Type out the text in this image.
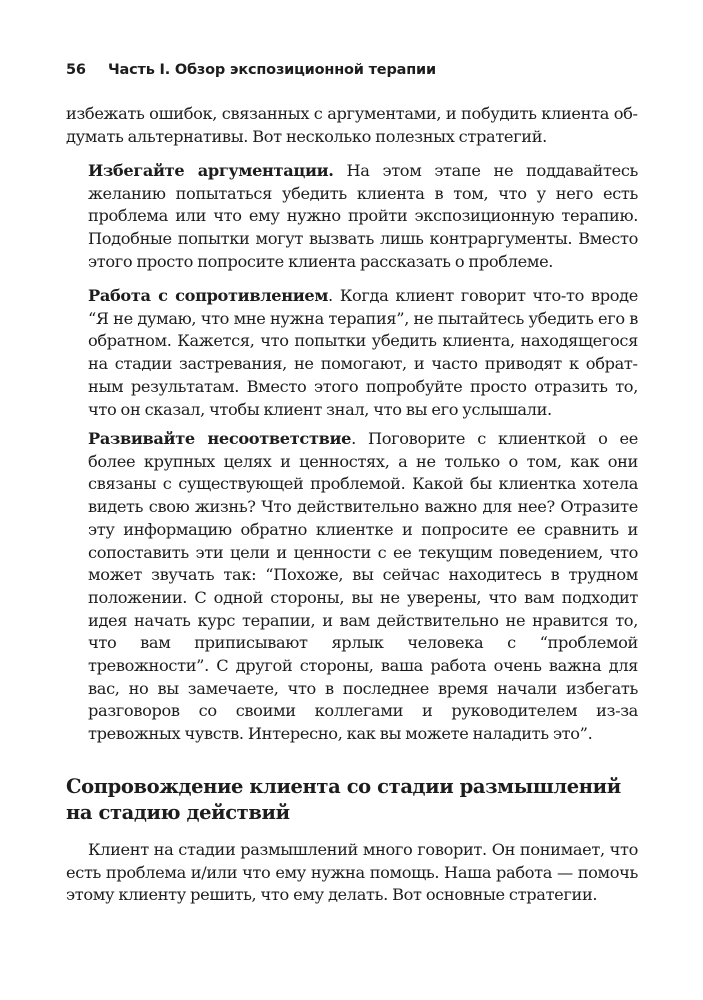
56 Часть I. Обзор экспозиционной терапии

избежать ошибок, связанных с аргументами, и побудить клиента обдумать альтернативы. Вот несколько полезных стратегий.

Избегайте аргументации. На этом этапе не поддавайтесь желанию попытаться убедить клиента в том, что у него есть проблема или что ему нужно пройти экспозиционную терапию. Подобные попытки могут вызвать лишь контраргументы. Вместо этого просто попросите клиента рассказать о проблеме.

Работа с сопротивлением. Когда клиент говорит что-то вроде “Я не думаю, что мне нужна терапия”, не пытайтесь убедить его в обратном. Кажется, что попытки убедить клиента, находящегося на стадии застревания, не помогают, и часто приводят к обратным результатам. Вместо этого попробуйте просто отразить то, что он сказал, чтобы клиент знал, что вы его услышали.

Развивайте несоответствие. Поговорите с клиенткой о ее более крупных целях и ценностях, а не только о том, как они связаны с существующей проблемой. Какой бы клиентка хотела видеть свою жизнь? Что действительно важно для нее? Отразите эту информацию обратно клиентке и попросите ее сравнить и сопоставить эти цели и ценности с ее текущим поведением, что может звучать так: “Похоже, вы сейчас находитесь в трудном положении. С одной стороны, вы не уверены, что вам подходит идея начать курс терапии, и вам действительно не нравится то, что вам приписывают ярлык человека с “проблемой тревожности”. С другой стороны, ваша работа очень важна для вас, но вы замечаете, что в последнее время начали избегать разговоров со своими коллегами и руководителем из-за тревожных чувств. Интересно, как вы можете наладить это”.

Сопровождение клиента со стадии размышлений на стадию действий

Клиент на стадии размышлений много говорит. Он понимает, что есть проблема и/или что ему нужна помощь. Наша работа — помочь этому клиенту решить, что ему делать. Вот основные стратегии.
